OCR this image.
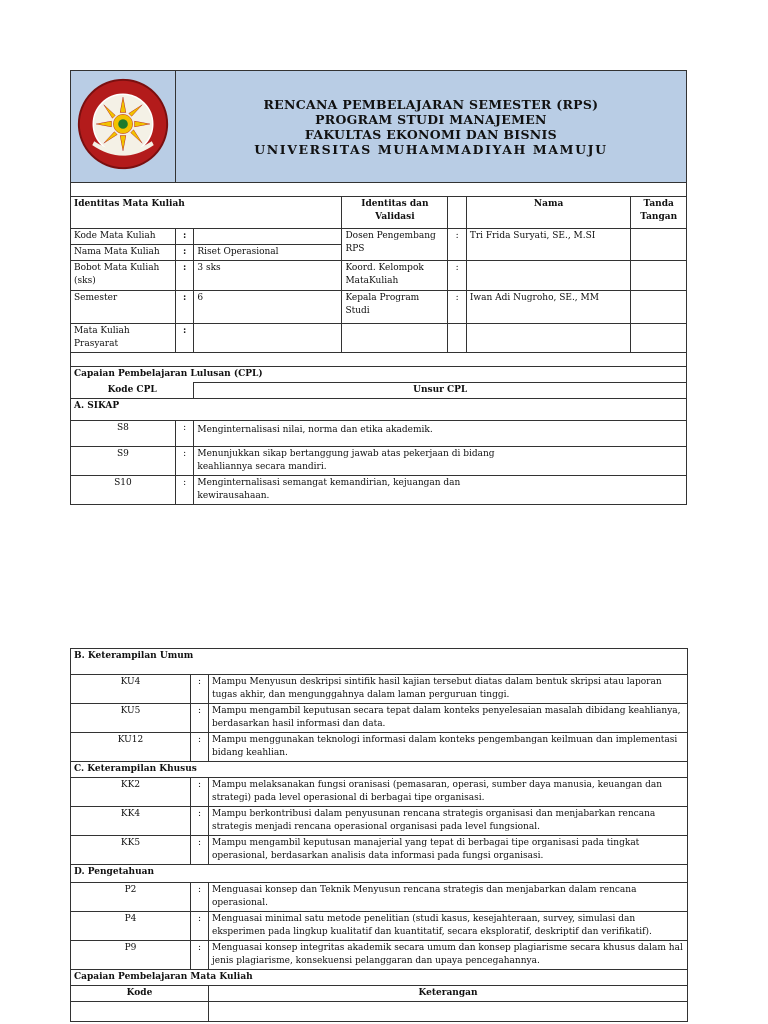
RENCANA PEMBELAJARAN SEMESTER (RPS)
PROGRAM STUDI MANAJEMEN
FAKULTAS EKONOMI DAN BISNIS
UNIVERSITAS MUHAMMADIYAH MAMUJU					

Identitas Mata Kuliah			Identitas dan Validasi		Nama	Tanda Tangan
Kode Mata Kuliah	:		Dosen Pengembang RPS	:	Tri Frida Suryati, SE., M.SI	
Nama Mata Kuliah	:	Riset Operasional				
Bobot Mata Kuliah (sks)	:	3 sks	Koord. Kelompok MataKuliah	:		
Semester	:	6	Kepala Program Studi	:	Iwan Adi Nugroho, SE., MM	
Mata Kuliah Prasyarat	:					

Capaian Pembelajaran Lulusan (CPL)						
Kode CPL		Unsur CPL				
A. SIKAP						
S8	:	Menginternalisasi nilai, norma dan etika akademik.				
S9	:	Menunjukkan sikap bertanggung jawab atas pekerjaan di bidang keahliannya secara mandiri.				

S10	:	Menginternalisasi semangat kemandirian, kejuangan dan kewirausahaan.				
B. Keterampilan Umum		
KU4	:	Mampu Menyusun deskripsi sintifik hasil kajian tersebut diatas dalam bentuk skripsi atau laporan tugas akhir, dan mengunggahnya dalam laman perguruan tinggi.
KU5	:	Mampu mengambil keputusan secara tepat dalam konteks penyelesaian masalah dibidang keahlianya, berdasarkan hasil informasi dan data.
KU12	:	Mampu menggunakan teknologi informasi dalam konteks pengembangan keilmuan dan implementasi bidang keahlian.
C. Keterampilan Khusus		
KK2	:	Mampu melaksanakan fungsi oranisasi (pemasaran, operasi, sumber daya manusia, keuangan dan strategi) pada level operasional di berbagai tipe organisasi.
KK4	:	Mampu berkontribusi dalam penyusunan rencana strategis organisasi dan menjabarkan rencana strategis menjadi rencana operasional organisasi pada level fungsional.
KK5	:	Mampu mengambil keputusan manajerial yang tepat di berbagai tipe organisasi pada tingkat operasional, berdasarkan analisis data informasi pada fungsi organisasi.
D. Pengetahuan		
P2	:	Menguasai konsep dan Teknik Menyusun rencana strategis dan menjabarkan dalam rencana operasional.
P4	:	Menguasai minimal satu metode penelitian (studi kasus, kesejahteraan, survey, simulasi dan eksperimen pada lingkup kualitatif dan kuantitatif, secara eksploratif, deskriptif dan verifikatif).
P9	:	Menguasai konsep integritas akademik secara umum dan konsep plagiarisme secara khusus dalam hal jenis plagiarisme, konsekuensi pelanggaran dan upaya pencegahannya.
Capaian Pembelajaran Mata Kuliah		
Kode		Keterangan
